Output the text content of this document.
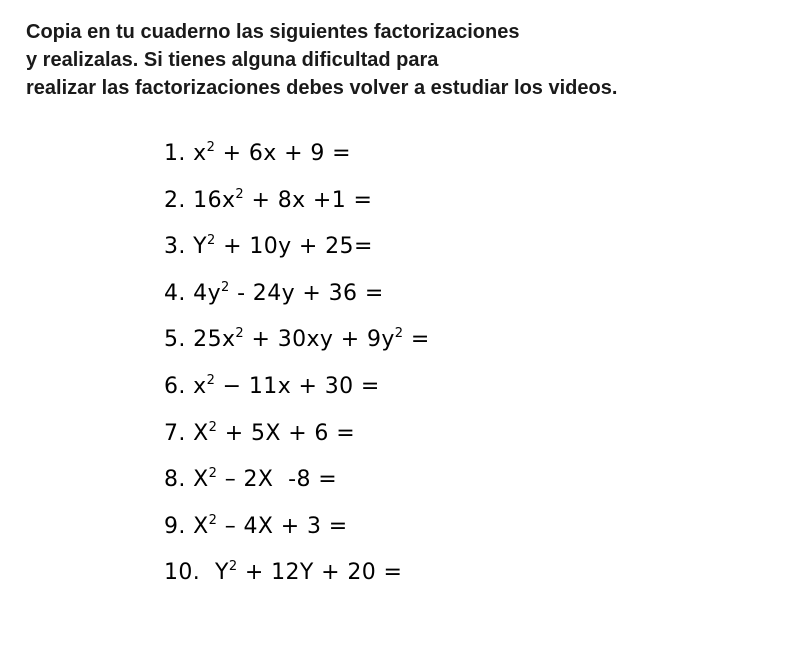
Copia en tu cuaderno las siguientes factorizaciones
y realizalas. Si tienes alguna dificultad para
realizar las factorizaciones debes volver a estudiar los videos.
1. $x^2 + 6x + 9$ =
2. $16x^2 + 8x +1$ =
3. $Y^2 + 10y + 25=$
4. $4y^2 - 24y + 36$ =
5. $25x^2 + 30xy + 9y^2$ =
6. $x^2 - 11x + 30$ =
7. $X^2 + 5X + 6$ =
8. $X^2 - 2X$  -8 =
9. $X^2 - 4X + 3$ =
10.  $Y^2 + 12Y + 20$ =
